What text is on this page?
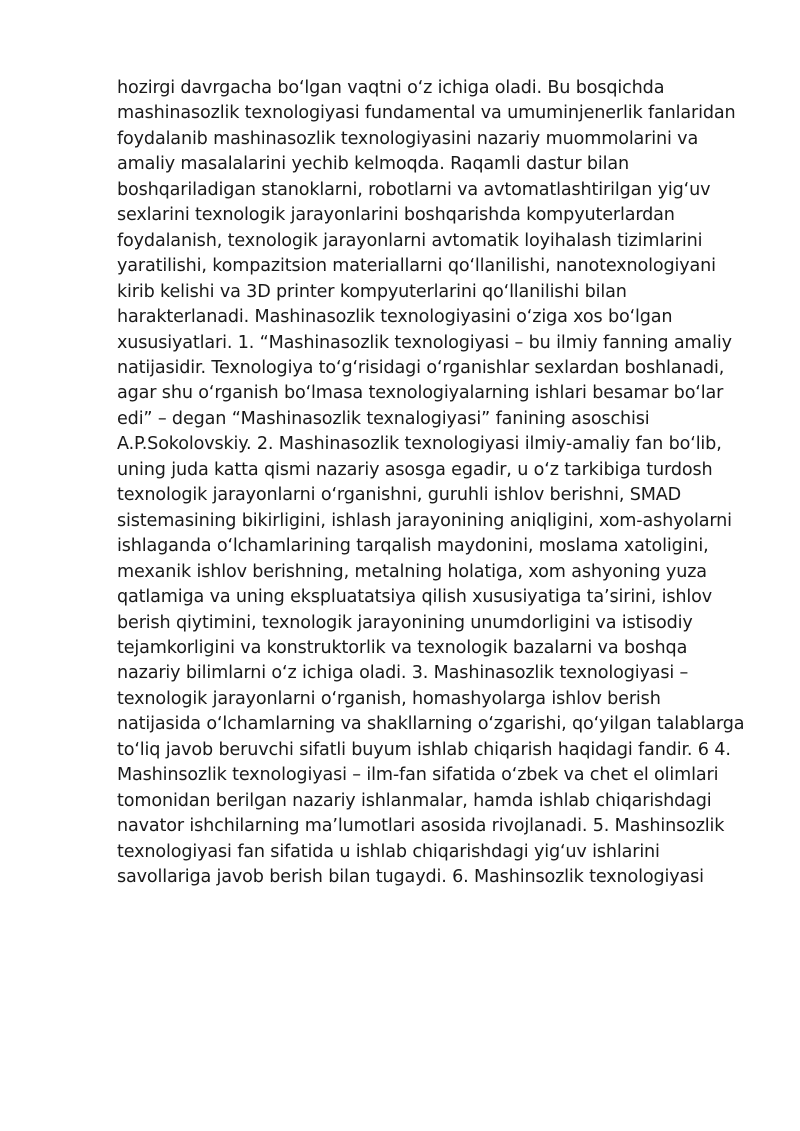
hozirgi davrgacha bo‘lgan vaqtni o‘z ichiga oladi. Bu bosqichda
mashinasozlik texnologiyasi fundamental va umuminjenerlik fanlaridan
foydalanib mashinasozlik texnologiyasini nazariy muommolarini va
amaliy masalalarini yechib kelmoqda. Raqamli dastur bilan
boshqariladigan stanoklarni, robotlarni va avtomatlashtirilgan yig‘uv
sexlarini texnologik jarayonlarini boshqarishda kompyuterlardan
foydalanish, texnologik jarayonlarni avtomatik loyihalash tizimlarini
yaratilishi, kompazitsion materiallarni qo‘llanilishi, nanotexnologiyani
kirib kelishi va 3D printer kompyuterlarini qo‘llanilishi bilan
harakterlanadi. Mashinasozlik texnologiyasini o‘ziga xos bo‘lgan
xususiyatlari. 1. “Mashinasozlik texnologiyasi – bu ilmiy fanning amaliy
natijasidir. Texnologiya to‘g‘risidagi o‘rganishlar sexlardan boshlanadi,
agar shu o‘rganish bo‘lmasa texnologiyalarning ishlari besamar bo‘lar
edi” – degan “Mashinasozlik texnalogiyasi” fanining asoschisi
A.P.Sokolovskiy. 2. Mashinasozlik texnologiyasi ilmiy-amaliy fan bo‘lib,
uning juda katta qismi nazariy asosga egadir, u o‘z tarkibiga turdosh
texnologik jarayonlarni o‘rganishni, guruhli ishlov berishni, SMAD
sistemasining bikirligini, ishlash jarayonining aniqligini, xom-ashyolarni
ishlaganda o‘lchamlarining tarqalish maydonini, moslama xatoligini,
mexanik ishlov berishning, metalning holatiga, xom ashyoning yuza
qatlamiga va uning ekspluatatsiya qilish xususiyatiga ta’sirini, ishlov
berish qiytimini, texnologik jarayonining unumdorligini va istisodiy
tejamkorligini va konstruktorlik va texnologik bazalarni va boshqa
nazariy bilimlarni o‘z ichiga oladi. 3. Mashinasozlik texnologiyasi –
texnologik jarayonlarni o‘rganish, homashyolarga ishlov berish
natijasida o‘lchamlarning va shakllarning o‘zgarishi, qo‘yilgan talablarga
to‘liq javob beruvchi sifatli buyum ishlab chiqarish haqidagi fandir. 6 4.
Mashinsozlik texnologiyasi – ilm-fan sifatida o‘zbek va chet el olimlari
tomonidan berilgan nazariy ishlanmalar, hamda ishlab chiqarishdagi
navator ishchilarning ma’lumotlari asosida rivojlanadi. 5. Mashinsozlik
texnologiyasi fan sifatida u ishlab chiqarishdagi yig‘uv ishlarini
savollariga javob berish bilan tugaydi. 6. Mashinsozlik texnologiyasi
